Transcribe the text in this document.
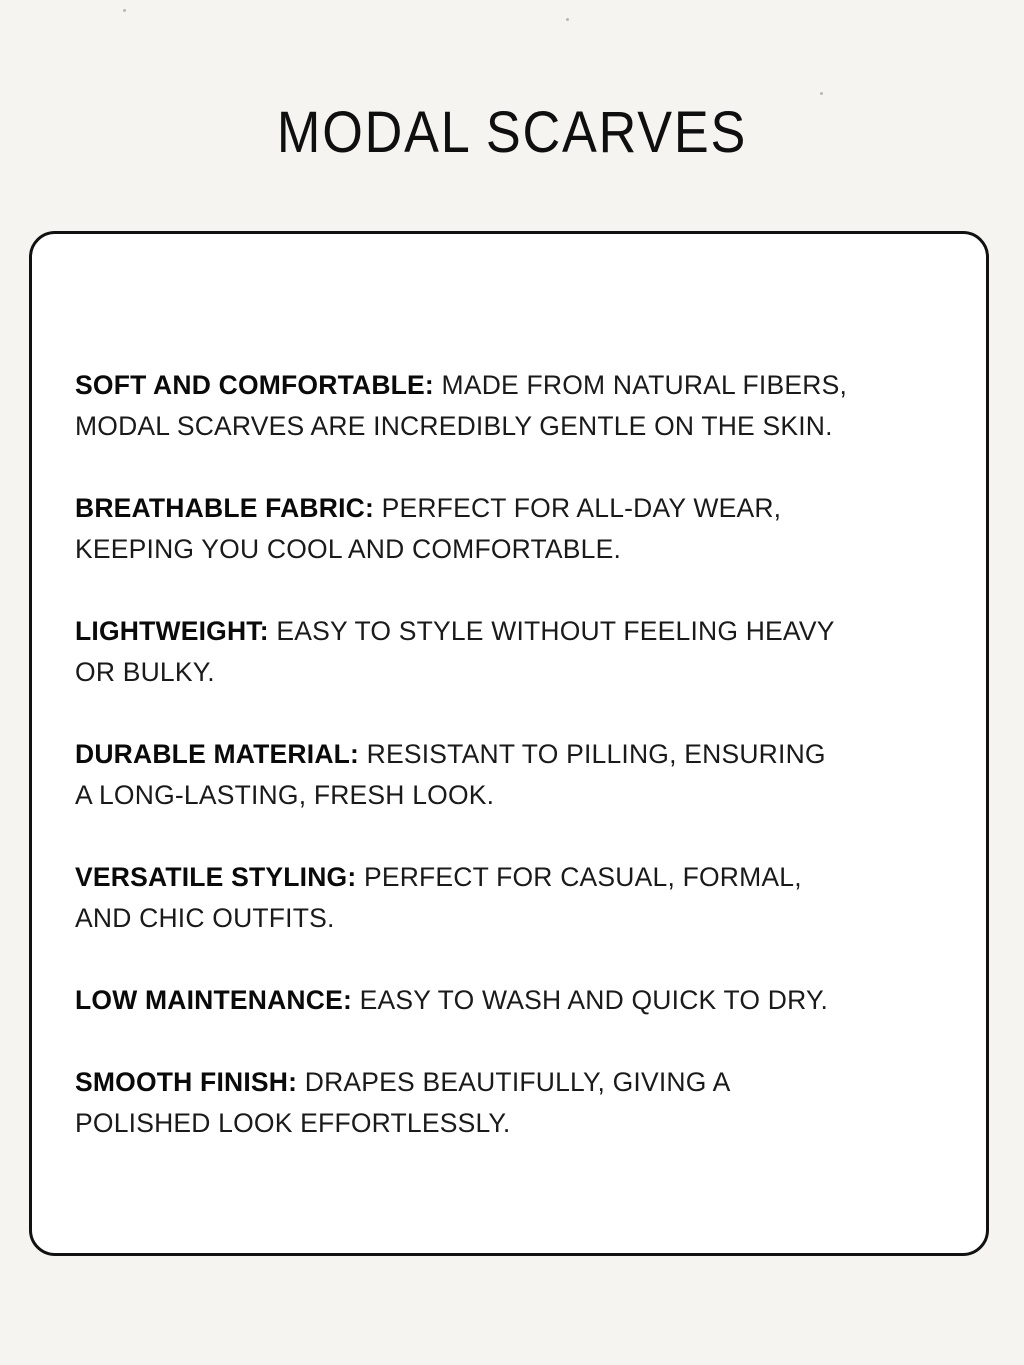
MODAL SCARVES
SOFT AND COMFORTABLE: MADE FROM NATURAL FIBERS,
MODAL SCARVES ARE INCREDIBLY GENTLE ON THE SKIN.
BREATHABLE FABRIC: PERFECT FOR ALL-DAY WEAR,
KEEPING YOU COOL AND COMFORTABLE.
LIGHTWEIGHT: EASY TO STYLE WITHOUT FEELING HEAVY
OR BULKY.
DURABLE MATERIAL: RESISTANT TO PILLING, ENSURING
A LONG-LASTING, FRESH LOOK.
VERSATILE STYLING: PERFECT FOR CASUAL, FORMAL,
AND CHIC OUTFITS.
LOW MAINTENANCE: EASY TO WASH AND QUICK TO DRY.
SMOOTH FINISH: DRAPES BEAUTIFULLY, GIVING A
POLISHED LOOK EFFORTLESSLY.
